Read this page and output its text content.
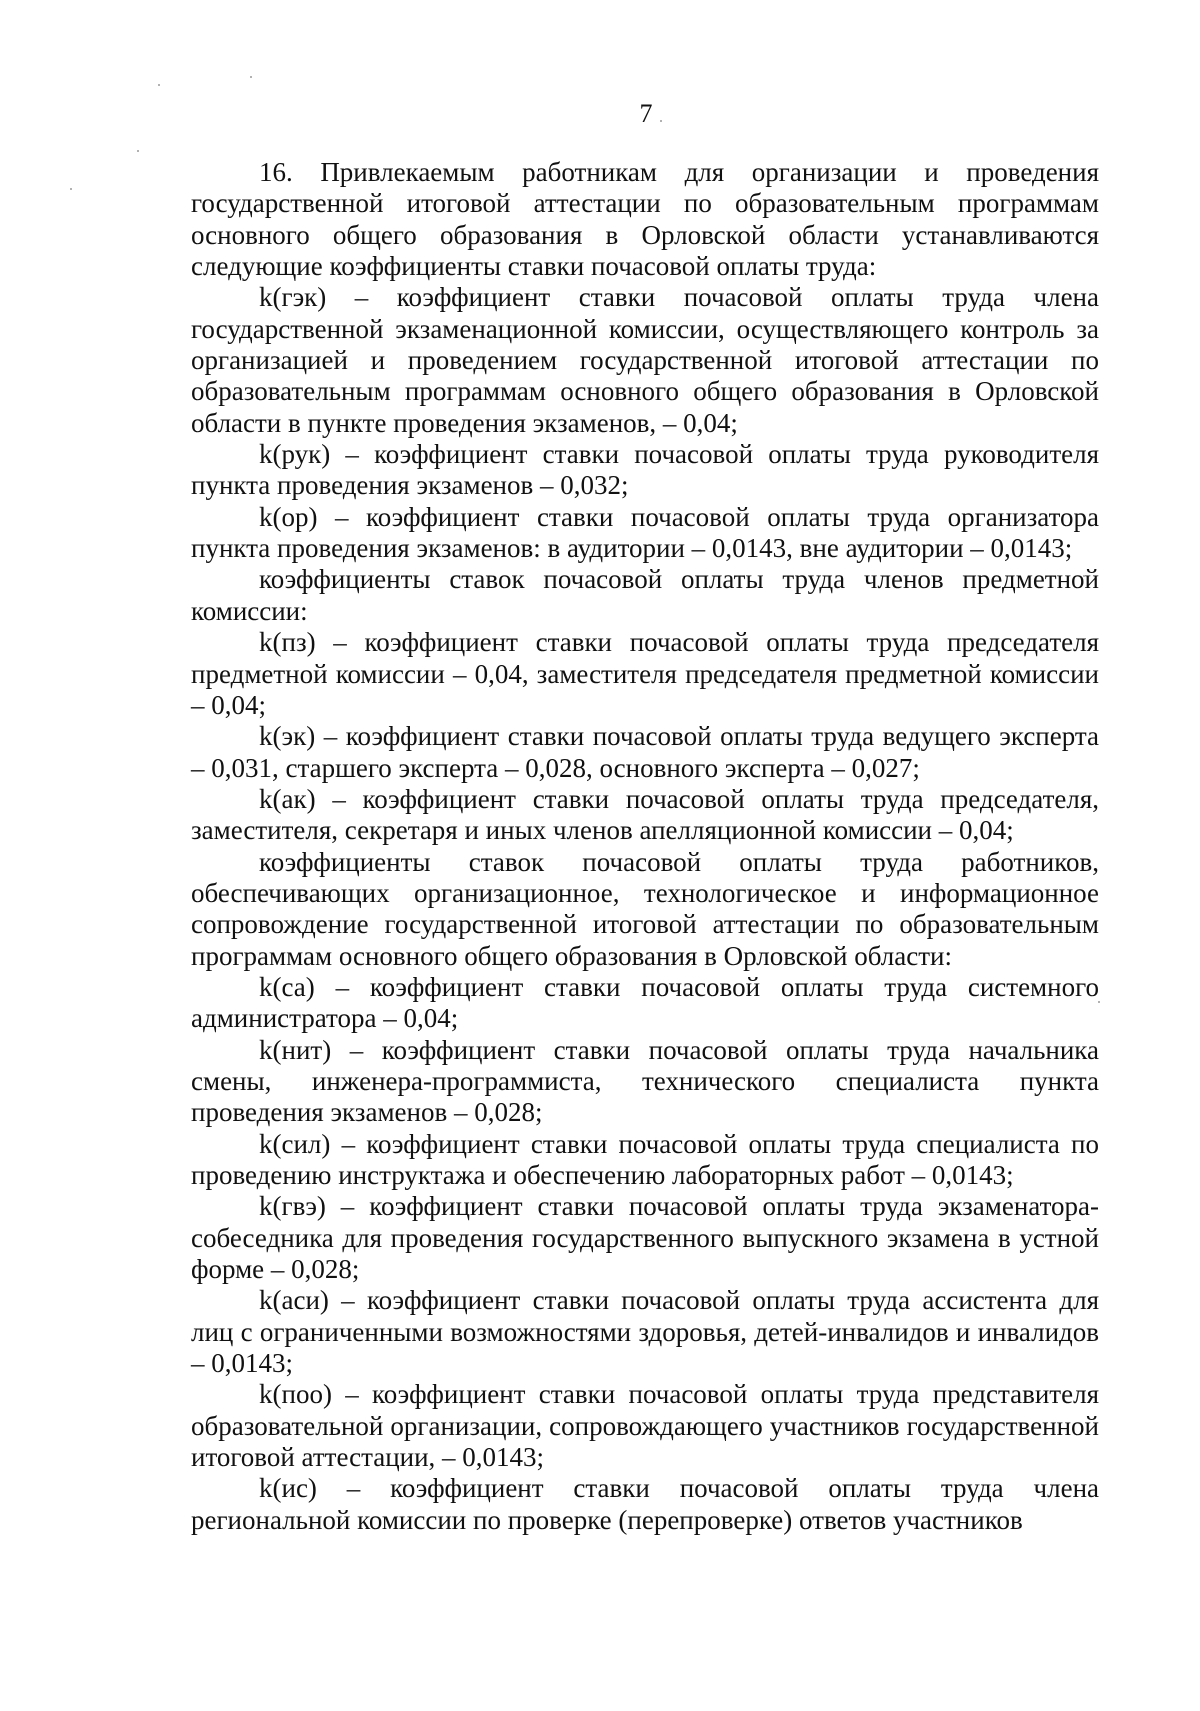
7

16. Привлекаемым работникам для организации и проведения государственной итоговой аттестации по образовательным программам основного общего образования в Орловской области устанавливаются следующие коэффициенты ставки почасовой оплаты труда:

k(гэк) – коэффициент ставки почасовой оплаты труда члена государственной экзаменационной комиссии, осуществляющего контроль за организацией и проведением государственной итоговой аттестации по образовательным программам основного общего образования в Орловской области в пункте проведения экзаменов, – 0,04;

k(рук) – коэффициент ставки почасовой оплаты труда руководителя пункта проведения экзаменов – 0,032;

k(ор) – коэффициент ставки почасовой оплаты труда организатора пункта проведения экзаменов: в аудитории – 0,0143, вне аудитории – 0,0143;

коэффициенты ставок почасовой оплаты труда членов предметной комиссии:

k(пз) – коэффициент ставки почасовой оплаты труда председателя предметной комиссии – 0,04, заместителя председателя предметной комиссии – 0,04;

k(эк) – коэффициент ставки почасовой оплаты труда ведущего эксперта – 0,031, старшего эксперта – 0,028, основного эксперта – 0,027;

k(ак) – коэффициент ставки почасовой оплаты труда председателя, заместителя, секретаря и иных членов апелляционной комиссии – 0,04;

коэффициенты ставок почасовой оплаты труда работников, обеспечивающих организационное, технологическое и информационное сопровождение государственной итоговой аттестации по образовательным программам основного общего образования в Орловской области:

k(са) – коэффициент ставки почасовой оплаты труда системного администратора – 0,04;

k(нит) – коэффициент ставки почасовой оплаты труда начальника смены, инженера-программиста, технического специалиста пункта проведения экзаменов – 0,028;

k(сил) – коэффициент ставки почасовой оплаты труда специалиста по проведению инструктажа и обеспечению лабораторных работ – 0,0143;

k(гвэ) – коэффициент ставки почасовой оплаты труда экзаменатора-собеседника для проведения государственного выпускного экзамена в устной форме – 0,028;

k(аси) – коэффициент ставки почасовой оплаты труда ассистента для лиц с ограниченными возможностями здоровья, детей-инвалидов и инвалидов – 0,0143;

k(поо) – коэффициент ставки почасовой оплаты труда представителя образовательной организации, сопровождающего участников государственной итоговой аттестации, – 0,0143;

k(ис) – коэффициент ставки почасовой оплаты труда члена региональной комиссии по проверке (перепроверке) ответов участников
